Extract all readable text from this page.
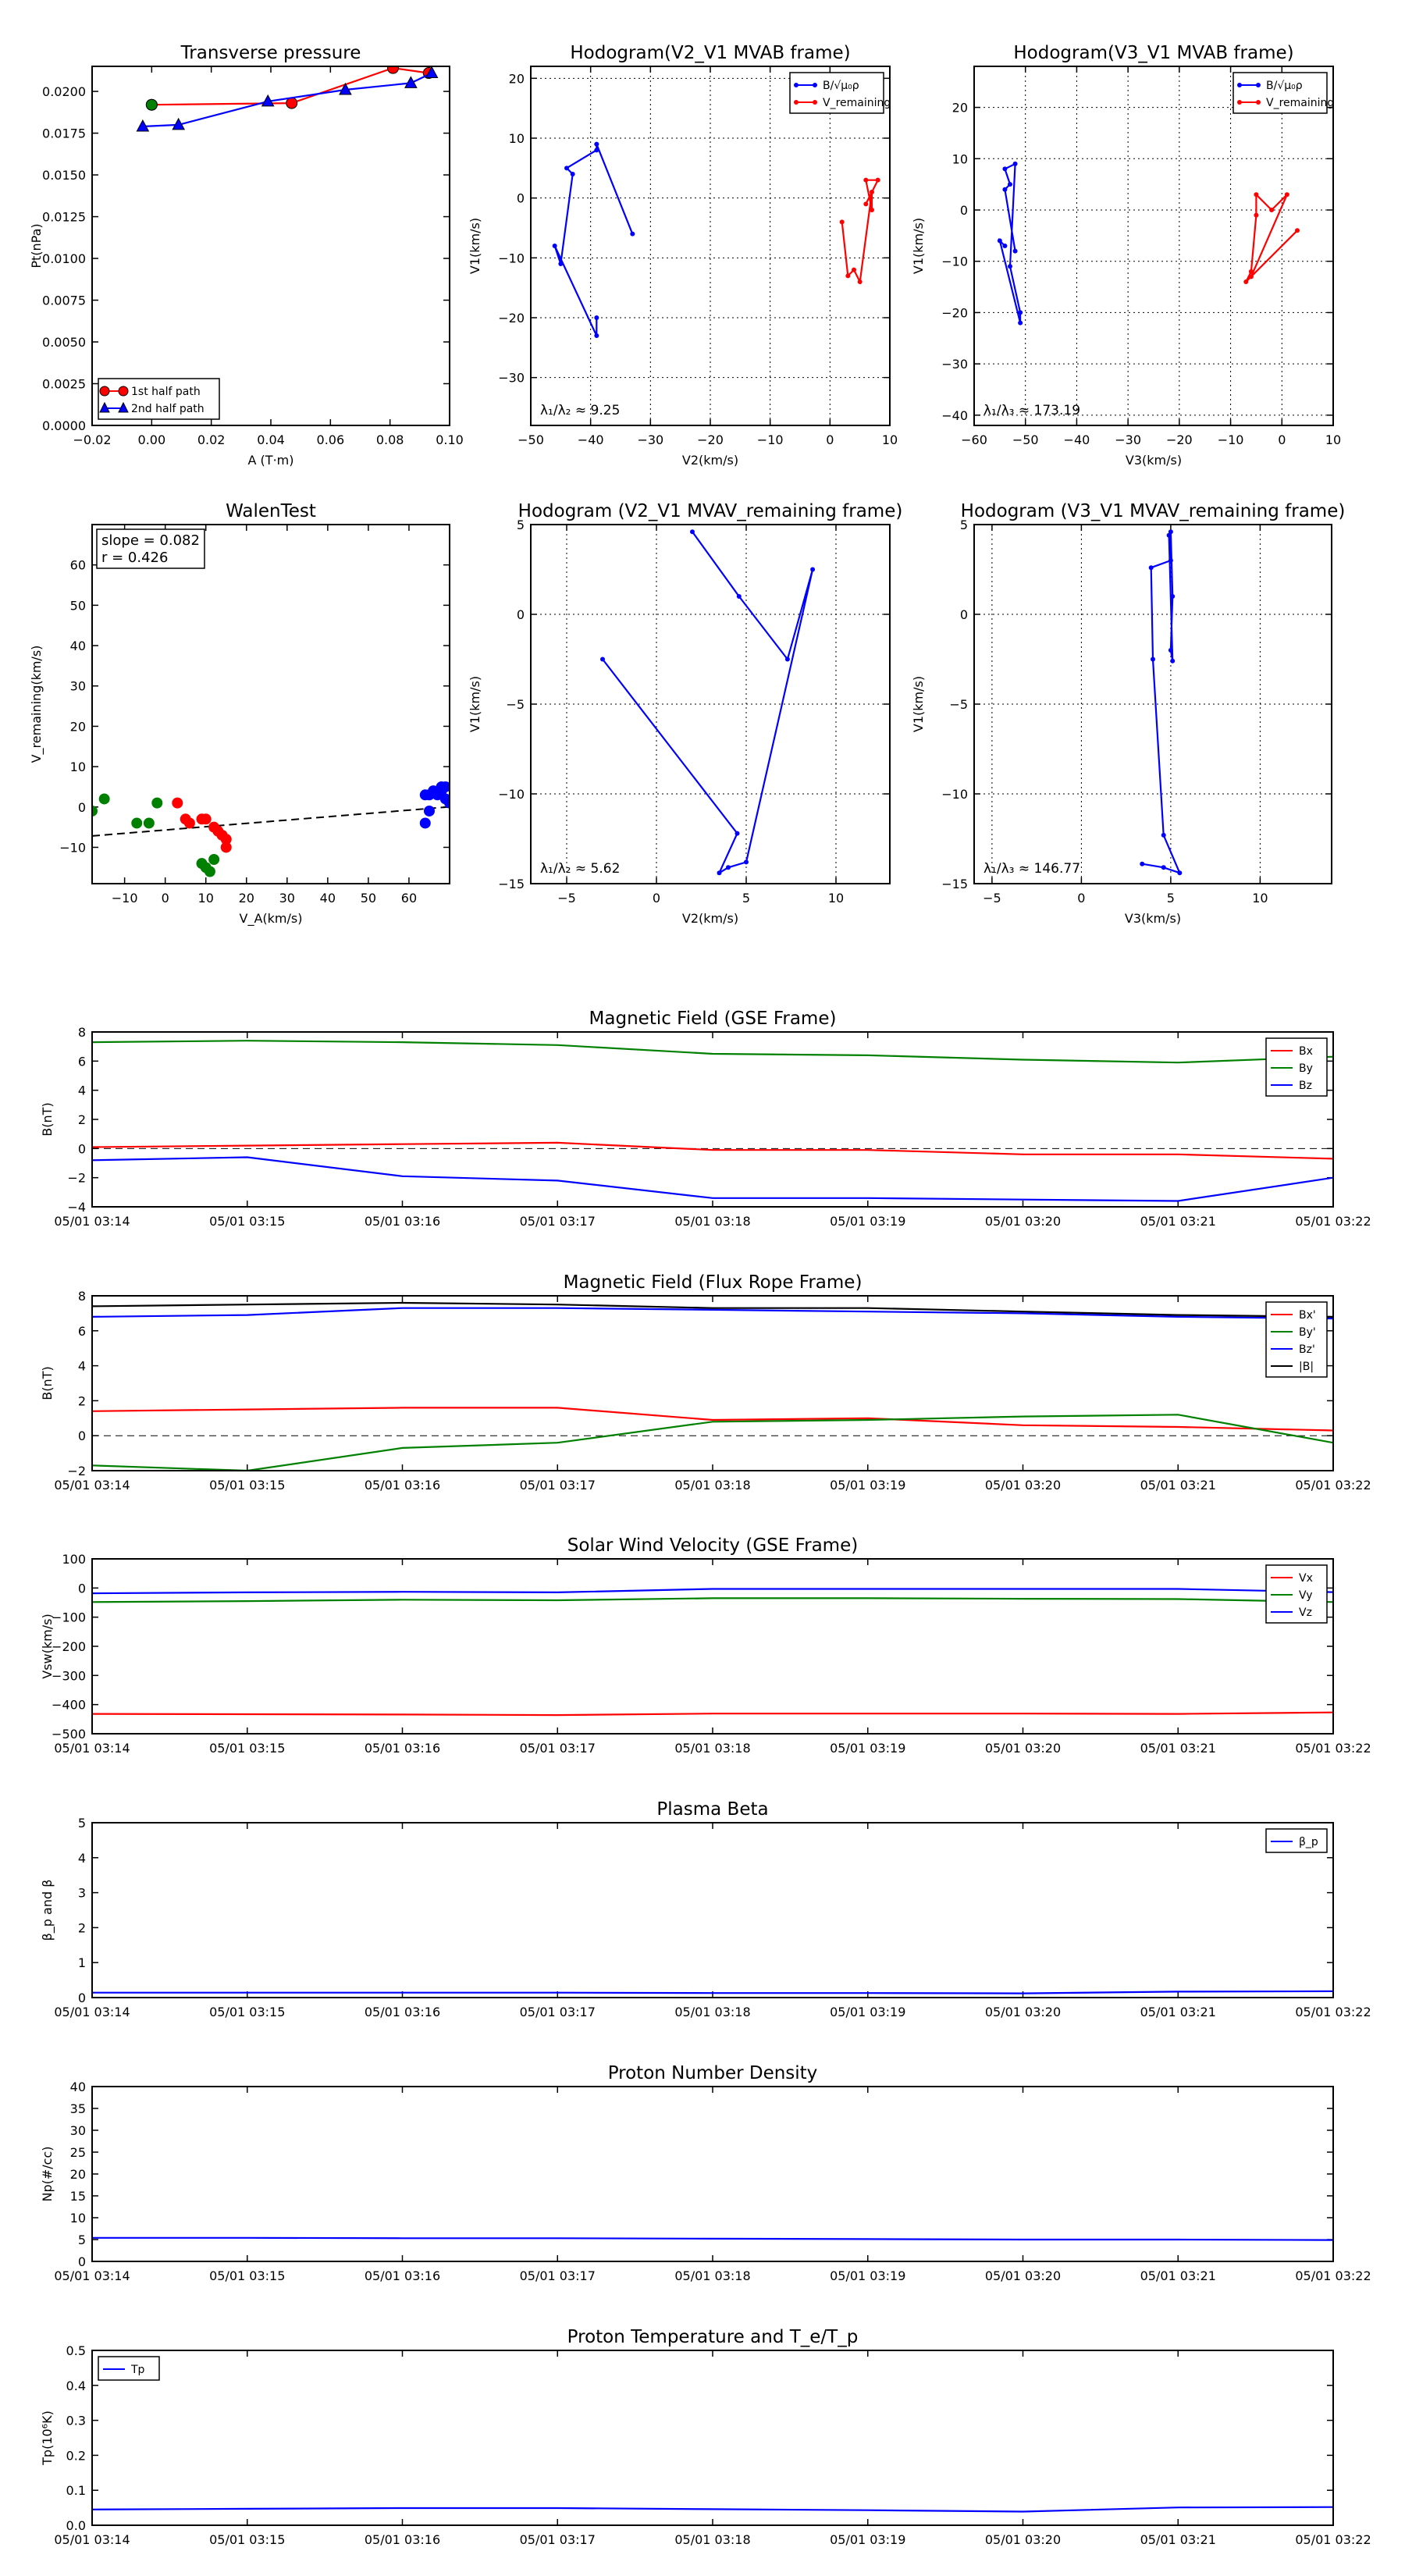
Transverse pressure
−0.02 0.00	0.02	0.04	0.06	0.08	0.10
0.0000
0.0025
0.0050
0.0075
0.0100
0.0125
0.0150
0.0175
0.0200
A (T·m)
Pt(nPa)
1st half path
2nd half path
Hodogram(V2_V1 MVAB frame)
−50	−40	−30	−20	−10	0	10
−30
−20
−10
0
10
20
V2(km/s)
V1(km/s)
λ₁/λ₂ ≈ 9.25
B/√μ₀ρ
V_remaining
Hodogram(V3_V1 MVAB frame)
−60 −50 −40 −30 −20 −10	0	10
−40
−30
−20
−10
0
10
20
V3(km/s)
V1(km/s)
λ₁/λ₃ ≈ 173.19
B/√μ₀ρ
V_remaining
WalenTest
−10 0 10 20 30 40 50 60
−10
0
10
20
30
40
50
60
V_A(km/s)
V_remaining(km/s)
slope = 0.082
r = 0.426
Hodogram (V2_V1 MVAV_remaining frame)
−5	0	5	10
−15
−10
−5
0
5
V2(km/s)
V1(km/s)
λ₁/λ₂ ≈ 5.62
Hodogram (V3_V1 MVAV_remaining frame)
−5	0	5	10
−15
−10
−5
0
5
V3(km/s)
V1(km/s)
λ₁/λ₃ ≈ 146.77
Magnetic Field (GSE Frame)
05/01 03:14	05/01 03:15	05/01 03:16	05/01 03:17	05/01 03:18	05/01 03:19	05/01 03:20	05/01 03:21	05/01 03:22
−4
−2
0
2
4
6
8
B(nT)
Bx
By
Bz
Magnetic Field (Flux Rope Frame)
05/01 03:14	05/01 03:15	05/01 03:16	05/01 03:17	05/01 03:18	05/01 03:19	05/01 03:20	05/01 03:21	05/01 03:22
−2
0
2
4
6
8
B(nT)
Bx'
By'
Bz'
|B|
Solar Wind Velocity (GSE Frame)
05/01 03:14	05/01 03:15	05/01 03:16	05/01 03:17	05/01 03:18	05/01 03:19	05/01 03:20	05/01 03:21	05/01 03:22
−500
−400
−300
−200
−100
0
100
Vsw(km/s)
Vx
Vy
Vz
Plasma Beta
05/01 03:14	05/01 03:15	05/01 03:16	05/01 03:17	05/01 03:18	05/01 03:19	05/01 03:20	05/01 03:21	05/01 03:22
0
1
2
3
4
5
β_p and β
β_p
Proton Number Density
05/01 03:14	05/01 03:15	05/01 03:16	05/01 03:17	05/01 03:18	05/01 03:19	05/01 03:20	05/01 03:21	05/01 03:22
0
5
10
15
20
25
30
35
40
Np(#/cc)
Proton Temperature and T_e/T_p
05/01 03:14	05/01 03:15	05/01 03:16	05/01 03:17	05/01 03:18	05/01 03:19	05/01 03:20	05/01 03:21	05/01 03:22
0.0
0.1
0.2
0.3
0.4
0.5
Tp(10⁶K)
Tp
